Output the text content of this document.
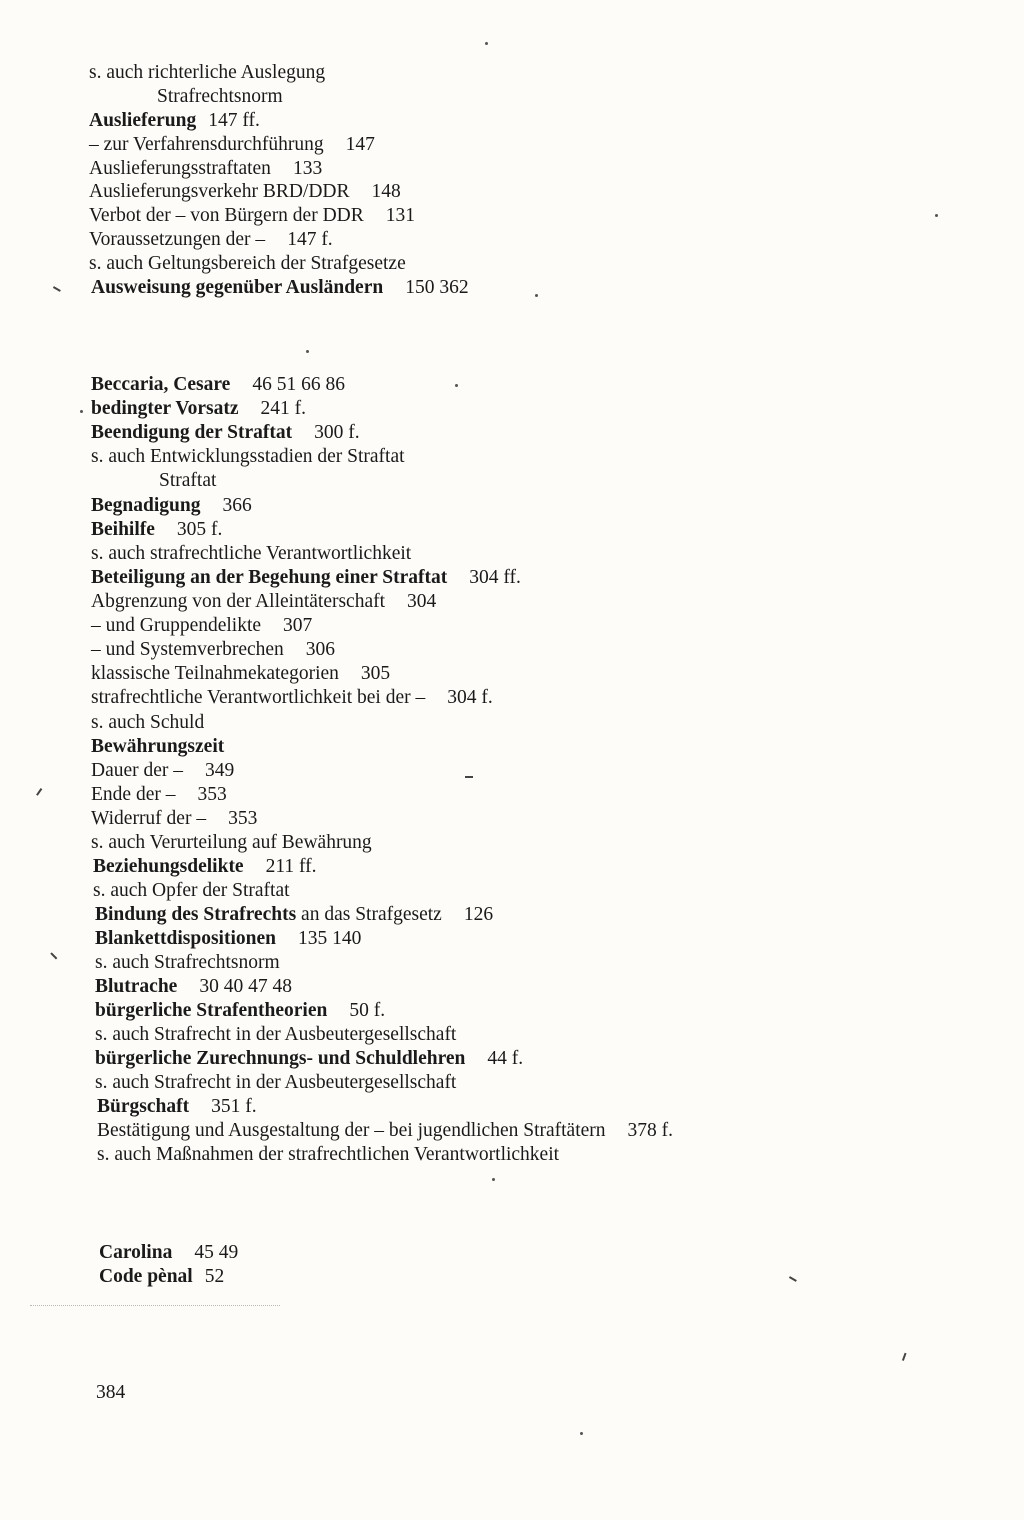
s. auch richterliche Auslegung
Strafrechtsnorm
Auslieferung 147 ff.
– zur Verfahrensdurchführung 147
Auslieferungsstraftaten 133
Auslieferungsverkehr BRD/DDR 148
Verbot der – von Bürgern der DDR 131
Voraussetzungen der – 147 f.
s. auch Geltungsbereich der Strafgesetze
Ausweisung gegenüber Ausländern 150 362
Beccaria, Cesare 46 51 66 86
bedingter Vorsatz 241 f.
Beendigung der Straftat 300 f.
s. auch Entwicklungsstadien der Straftat
Straftat
Begnadigung 366
Beihilfe 305 f.
s. auch strafrechtliche Verantwortlichkeit
Beteiligung an der Begehung einer Straftat 304 ff.
Abgrenzung von der Alleintäterschaft 304
– und Gruppendelikte 307
– und Systemverbrechen 306
klassische Teilnahmekategorien 305
strafrechtliche Verantwortlichkeit bei der – 304 f.
s. auch Schuld
Bewährungszeit
Dauer der – 349
Ende der – 353
Widerruf der – 353
s. auch Verurteilung auf Bewährung
Beziehungsdelikte 211 ff.
s. auch Opfer der Straftat
Bindung des Strafrechts an das Strafgesetz 126
Blankettdispositionen 135 140
s. auch Strafrechtsnorm
Blutrache 30 40 47 48
bürgerliche Strafentheorien 50 f.
s. auch Strafrecht in der Ausbeutergesellschaft
bürgerliche Zurechnungs- und Schuldlehren 44 f.
s. auch Strafrecht in der Ausbeutergesellschaft
Bürgschaft 351 f.
Bestätigung und Ausgestaltung der – bei jugendlichen Straftätern 378 f.
s. auch Maßnahmen der strafrechtlichen Verantwortlichkeit
Carolina 45 49
Code pènal 52
384
